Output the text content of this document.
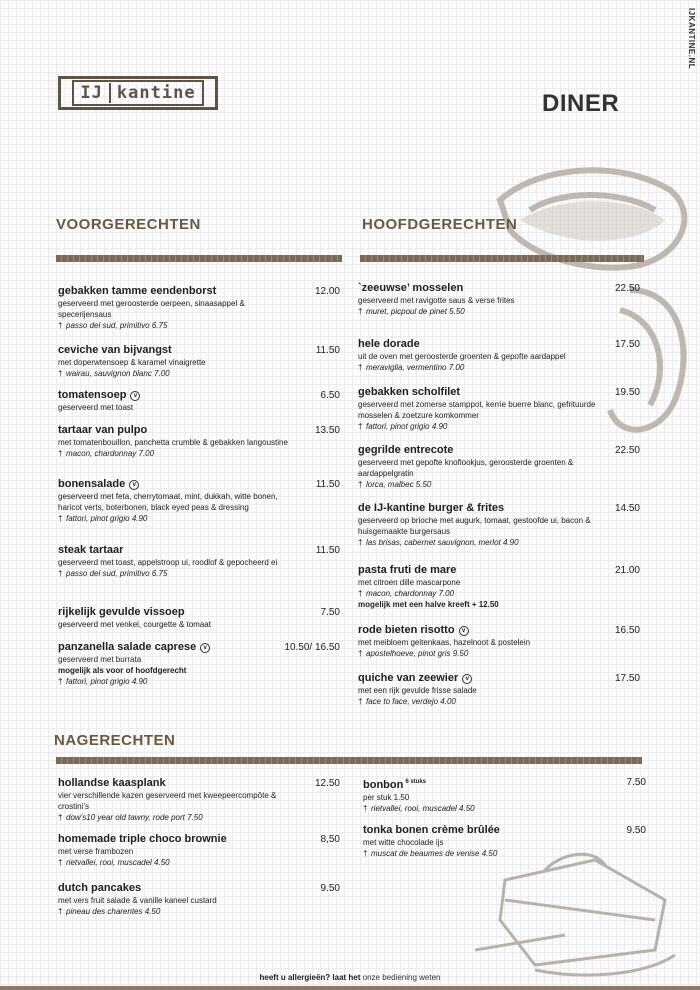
IJKANTINE.NL
IJ kantine	DINER
VOORGERECHTEN	HOOFDGERECHTEN
NAGERECHTEN
gebakken tamme eendenborst
geserveerd met geroosterde oerpeen, sinaasappel & specerijensaus
† passo del sud, primitivo 6.75
12.00
ceviche van bijvangst
met doperwtensoep & karamel vinaigrette
† wairau, sauvignon blanc 7.00
11.50
tomatensoep v
geserveerd met toast
6.50
tartaar van pulpo
met tomatenbouillon, panchetta crumble & gebakken langoustine
† macon, chardonnay 7.00
13.50
bonensalade v
geserveerd met feta, cherrytomaat, mint, dukkah, witte bonen, haricot verts, boterbonen, black eyed peas & dressing
† fattori, pinot grigio 4.90
11.50
steak tartaar
geserveerd met toast, appelstroop ui, roodlof & gepocheerd ei
† passo del sud, primitivo 6.75
11.50
rijkelijk gevulde vissoep
geserveerd met venkel, courgette & tomaat
7.50
panzanella salade caprese v
geserveerd met burrata
mogelijk als voor of hoofdgerecht
† fattori, pinot grigio 4.90
10.50/ 16.50
`zeeuwse’ mosselen
geserveerd met ravigotte saus & verse frites
† muret, picpoul de pinet 5.50
22.50
hele dorade
uit de oven met geroosterde groenten & gepofte aardappel
† meraviglia, vermentino 7.00
17.50
gebakken scholfilet
geserveerd met zomerse stamppot, kerrie buerre blanc, gefrituurde mosselen & zoetzure komkommer
† fattori, pinot grigio 4.90
19.50
gegrilde entrecote
geserveerd met gepofte knoflookjus, geroosterde groenten & aardappelgratin
† lorca, malbec 5.50
22.50
de IJ-kantine burger & frites
geserveerd op brioche met augurk, tomaat, gestoofde ui, bacon & huisgemaakte burgersaus
† las brisas, cabernet sauvignon, merlot 4.90
14.50
pasta fruti de mare
met citroen dille mascarpone
† macon, chardonnay 7.00
mogelijk met een halve kreeft + 12.50
21.00
rode bieten risotto v
met meibloem geitenkaas, hazelnoot & postelein
† apostelhoeve, pinot gris 9.50
16.50
quiche van zeewier v
met een rijk gevulde frisse salade
† face to face, verdejo 4.00
17.50
hollandse kaasplank
vier verschillende kazen geserveerd met kweepeercompôte & crostini’s
† dow’s10 year old tawny, rode port 7.50
12.50
homemade triple choco brownie
met verse frambozen
† rietvallei, rooi, muscadel 4.50
8,50
dutch pancakes
met vers fruit salade & vanille kaneel custard
† pineau des charentes 4.50
9.50
bonbon $^{6 stuks}$
per stuk 1.50
† rietvallei, rooi, muscadel 4.50
7.50
tonka bonen crème brûlée
met witte chocolade ijs
† muscat de beaumes de venise 4.50
9.50
heeft u allergieën? laat het onze bediening weten
